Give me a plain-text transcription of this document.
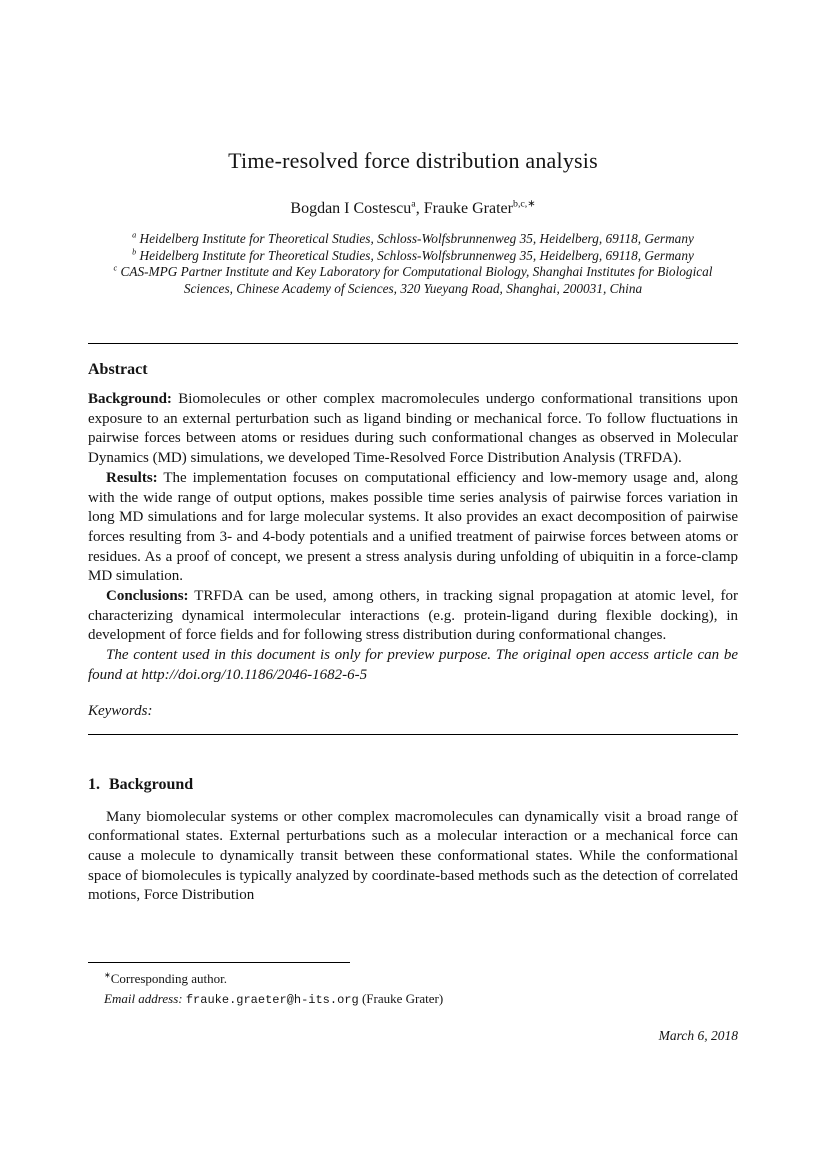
Time-resolved force distribution analysis
Bogdan I Costescu$^a$, Frauke Grater$^{b,c,∗}$
$^a$ Heidelberg Institute for Theoretical Studies, Schloss-Wolfsbrunnenweg 35, Heidelberg, 69118, Germany
$^b$ Heidelberg Institute for Theoretical Studies, Schloss-Wolfsbrunnenweg 35, Heidelberg, 69118, Germany
$^c$ CAS-MPG Partner Institute and Key Laboratory for Computational Biology, Shanghai Institutes for Biological Sciences, Chinese Academy of Sciences, 320 Yueyang Road, Shanghai, 200031, China
Abstract

Background: Biomolecules or other complex macromolecules undergo conformational transitions upon exposure to an external perturbation such as ligand binding or mechanical force. To follow fluctuations in pairwise forces between atoms or residues during such conformational changes as observed in Molecular Dynamics (MD) simulations, we developed Time-Resolved Force Distribution Analysis (TRFDA).

Results: The implementation focuses on computational efficiency and low-memory usage and, along with the wide range of output options, makes possible time series analysis of pairwise forces variation in long MD simulations and for large molecular systems. It also provides an exact decomposition of pairwise forces resulting from 3- and 4-body potentials and a unified treatment of pairwise forces between atoms or residues. As a proof of concept, we present a stress analysis during unfolding of ubiquitin in a force-clamp MD simulation.

Conclusions: TRFDA can be used, among others, in tracking signal propagation at atomic level, for characterizing dynamical intermolecular interactions (e.g. protein-ligand during flexible docking), in development of force fields and for following stress distribution during conformational changes.

The content used in this document is only for preview purpose. The original open access article can be found at http://doi.org/10.1186/2046-1682-6-5

Keywords:
1. Background

Many biomolecular systems or other complex macromolecules can dynamically visit a broad range of conformational states. External perturbations such as a molecular interaction or a mechanical force can cause a molecule to dynamically transit between these conformational states. While the conformational space of biomolecules is typically analyzed by coordinate-based methods such as the detection of correlated motions, Force Distribution

∗Corresponding author.
Email address: frauke.graeter@h-its.org (Frauke Grater)
March 6, 2018
